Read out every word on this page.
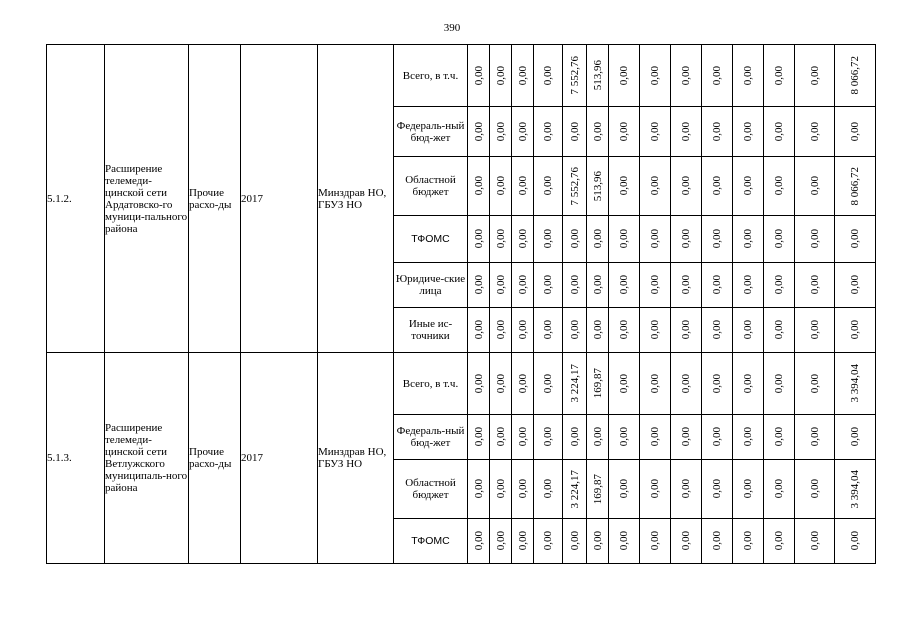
390
5.1.2.	Расширение телемеди-цинской сети Ардатовско-го муници-пального района	Прочие расхо-ды	2017	Минздрав НО, ГБУЗ НО	Всего, в т.ч.	0,00	0,00	0,00	0,00	7 552,76	513,96	0,00	0,00	0,00	0,00	0,00	0,00	0,00	8 066,72

					Федераль-ный бюд-жет	0,00	0,00	0,00	0,00	0,00	0,00	0,00	0,00	0,00	0,00	0,00	0,00	0,00	0,00

					Областной бюджет	0,00	0,00	0,00	0,00	7 552,76	513,96	0,00	0,00	0,00	0,00	0,00	0,00	0,00	8 066,72

					ТФОМС	0,00	0,00	0,00	0,00	0,00	0,00	0,00	0,00	0,00	0,00	0,00	0,00	0,00	0,00

					Юридиче-ские лица	0,00	0,00	0,00	0,00	0,00	0,00	0,00	0,00	0,00	0,00	0,00	0,00	0,00	0,00

					Иные ис-точники	0,00	0,00	0,00	0,00	0,00	0,00	0,00	0,00	0,00	0,00	0,00	0,00	0,00	0,00

5.1.3.	Расширение телемеди-цинской сети Ветлужского муниципаль-ного района	Прочие расхо-ды	2017	Минздрав НО, ГБУЗ НО	Всего, в т.ч.	0,00	0,00	0,00	0,00	3 224,17	169,87	0,00	0,00	0,00	0,00	0,00	0,00	0,00	3 394,04

					Федераль-ный бюд-жет	0,00	0,00	0,00	0,00	0,00	0,00	0,00	0,00	0,00	0,00	0,00	0,00	0,00	0,00

					Областной бюджет	0,00	0,00	0,00	0,00	3 224,17	169,87	0,00	0,00	0,00	0,00	0,00	0,00	0,00	3 394,04

					ТФОМС	0,00	0,00	0,00	0,00	0,00	0,00	0,00	0,00	0,00	0,00	0,00	0,00	0,00	0,00
